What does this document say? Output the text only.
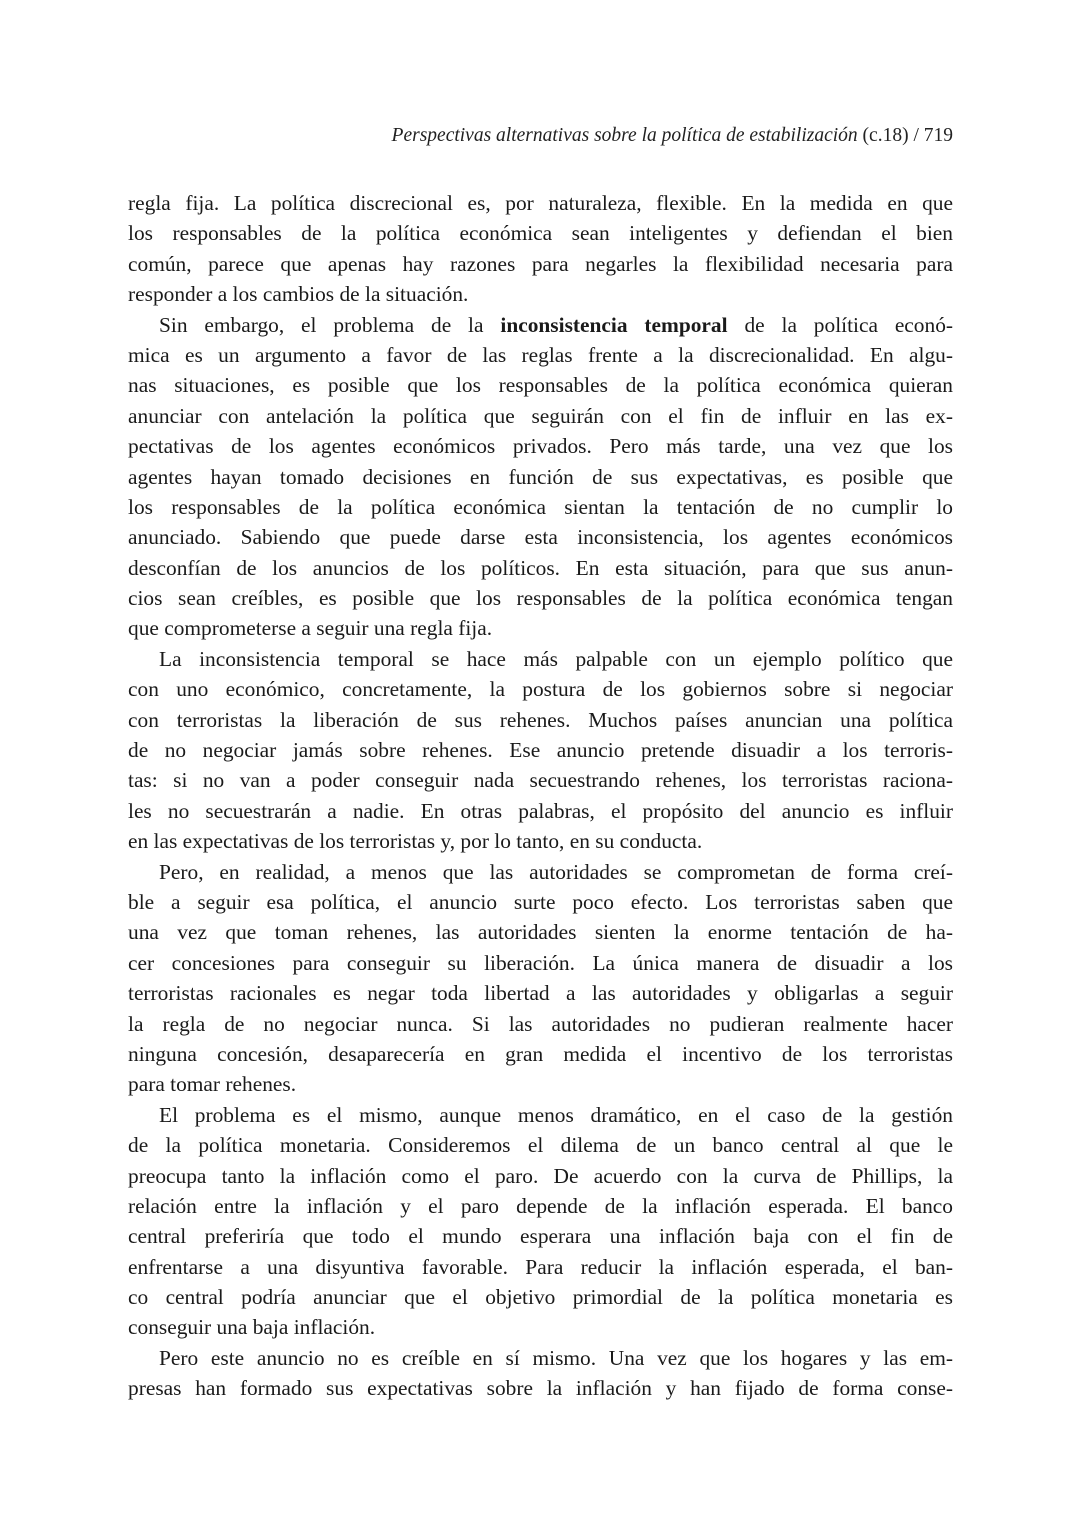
Perspectivas alternativas sobre la política de estabilización (c.18) / 719
regla fija. La política discrecional es, por naturaleza, flexible. En la medida en que
los responsables de la política económica sean inteligentes y defiendan el bien
común, parece que apenas hay razones para negarles la flexibilidad necesaria para
responder a los cambios de la situación.
Sin embargo, el problema de la inconsistencia temporal de la política econó-
mica es un argumento a favor de las reglas frente a la discrecionalidad. En algu-
nas situaciones, es posible que los responsables de la política económica quieran
anunciar con antelación la política que seguirán con el fin de influir en las ex-
pectativas de los agentes económicos privados. Pero más tarde, una vez que los
agentes hayan tomado decisiones en función de sus expectativas, es posible que
los responsables de la política económica sientan la tentación de no cumplir lo
anunciado. Sabiendo que puede darse esta inconsistencia, los agentes económicos
desconfían de los anuncios de los políticos. En esta situación, para que sus anun-
cios sean creíbles, es posible que los responsables de la política económica tengan
que comprometerse a seguir una regla fija.
La inconsistencia temporal se hace más palpable con un ejemplo político que
con uno económico, concretamente, la postura de los gobiernos sobre si negociar
con terroristas la liberación de sus rehenes. Muchos países anuncian una política
de no negociar jamás sobre rehenes. Ese anuncio pretende disuadir a los terroris-
tas: si no van a poder conseguir nada secuestrando rehenes, los terroristas raciona-
les no secuestrarán a nadie. En otras palabras, el propósito del anuncio es influir
en las expectativas de los terroristas y, por lo tanto, en su conducta.
Pero, en realidad, a menos que las autoridades se comprometan de forma creí-
ble a seguir esa política, el anuncio surte poco efecto. Los terroristas saben que
una vez que toman rehenes, las autoridades sienten la enorme tentación de ha-
cer concesiones para conseguir su liberación. La única manera de disuadir a los
terroristas racionales es negar toda libertad a las autoridades y obligarlas a seguir
la regla de no negociar nunca. Si las autoridades no pudieran realmente hacer
ninguna concesión, desaparecería en gran medida el incentivo de los terroristas
para tomar rehenes.
El problema es el mismo, aunque menos dramático, en el caso de la gestión
de la política monetaria. Consideremos el dilema de un banco central al que le
preocupa tanto la inflación como el paro. De acuerdo con la curva de Phillips, la
relación entre la inflación y el paro depende de la inflación esperada. El banco
central preferiría que todo el mundo esperara una inflación baja con el fin de
enfrentarse a una disyuntiva favorable. Para reducir la inflación esperada, el ban-
co central podría anunciar que el objetivo primordial de la política monetaria es
conseguir una baja inflación.
Pero este anuncio no es creíble en sí mismo. Una vez que los hogares y las em-
presas han formado sus expectativas sobre la inflación y han fijado de forma conse-
